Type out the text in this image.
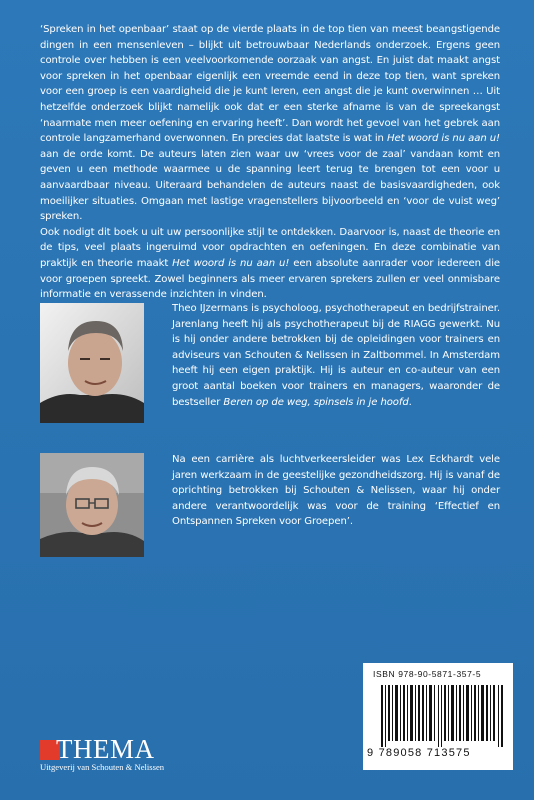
‘Spreken in het openbaar’ staat op de vierde plaats in de top tien van meest beangstigende dingen in een mensenleven – blijkt uit betrouwbaar Nederlands onderzoek. Ergens geen controle over hebben is een veelvoorkomende oorzaak van angst. En juist dat maakt angst voor spreken in het openbaar eigenlijk een vreemde eend in deze top tien, want spreken voor een groep is een vaardigheid die je kunt leren, een angst die je kunt overwinnen … Uit hetzelfde onderzoek blijkt namelijk ook dat er een sterke afname is van de spreekangst ‘naarmate men meer oefening en ervaring heeft’. Dan wordt het gevoel van het gebrek aan controle langzamerhand overwonnen. En precies dat laatste is wat in Het woord is nu aan u! aan de orde komt. De auteurs laten zien waar uw ‘vrees voor de zaal’ vandaan komt en geven u een methode waarmee u de spanning leert terug te brengen tot een voor u aanvaardbaar niveau. Uiteraard behandelen de auteurs naast de basisvaardigheden, ook moeilijker situaties. Omgaan met lastige vragenstellers bijvoorbeeld en ‘voor de vuist weg’ spreken.

Ook nodigt dit boek u uit uw persoonlijke stijl te ontdekken. Daarvoor is, naast de theorie en de tips, veel plaats ingeruimd voor opdrachten en oefeningen. En deze combinatie van praktijk en theorie maakt Het woord is nu aan u! een absolute aanrader voor iedereen die voor groepen spreekt. Zowel beginners als meer ervaren sprekers zullen er veel onmisbare informatie en verassende inzichten in vinden.

Theo IJzermans is psycholoog, psychotherapeut en bedrijfstrainer. Jarenlang heeft hij als psychotherapeut bij de RIAGG gewerkt. Nu is hij onder andere betrokken bij de opleidingen voor trainers en adviseurs van Schouten & Nelissen in Zaltbommel. In Amsterdam heeft hij een eigen praktijk. Hij is auteur en co-auteur van een groot aantal boeken voor trainers en managers, waaronder de bestseller Beren op de weg, spinsels in je hoofd.
Na een carrière als luchtverkeersleider was Lex Eckhardt vele jaren werkzaam in de geestelijke gezondheidszorg. Hij is vanaf de oprichting betrokken bij Schouten & Nelissen, waar hij onder andere verantwoordelijk was voor de training ‘Effectief en Ontspannen Spreken voor Groepen’.
ISBN 978-90-5871-357-5
9 789058 713575
THEMA
Uitgeverij van Schouten & Nelissen
